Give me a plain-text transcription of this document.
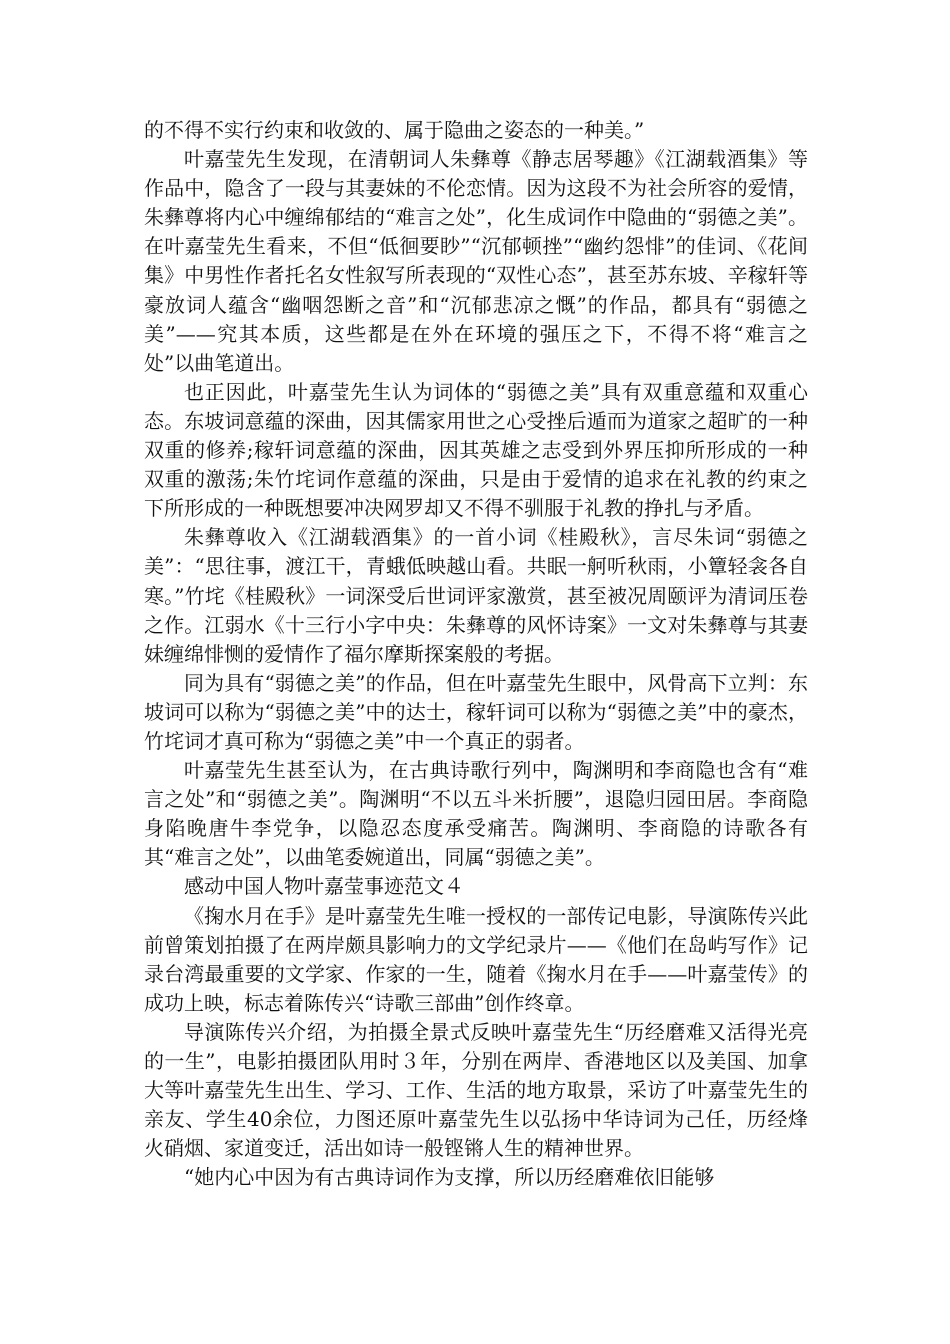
的不得不实行约束和收敛的、属于隐曲之姿态的一种美。”

叶嘉莹先生发现，在清朝词人朱彝尊《静志居琴趣》《江湖载酒集》等作品中，隐含了一段与其妻妹的不伦恋情。因为这段不为社会所容的爱情，朱彝尊将内心中缠绵郁结的“难言之处”，化生成词作中隐曲的“弱德之美”。在叶嘉莹先生看来，不但“低徊要眇”“沉郁顿挫”“幽约怨悱”的佳词、《花间集》中男性作者托名女性叙写所表现的“双性心态”，甚至苏东坡、辛稼轩等豪放词人蕴含“幽咽怨断之音”和“沉郁悲凉之慨”的作品，都具有“弱德之美”——究其本质，这些都是在外在环境的强压之下，不得不将“难言之处”以曲笔道出。

也正因此，叶嘉莹先生认为词体的“弱德之美”具有双重意蕴和双重心态。东坡词意蕴的深曲，因其儒家用世之心受挫后遁而为道家之超旷的一种双重的修养;稼轩词意蕴的深曲，因其英雄之志受到外界压抑所形成的一种双重的激荡;朱竹垞词作意蕴的深曲，只是由于爱情的追求在礼教的约束之下所形成的一种既想要冲决网罗却又不得不驯服于礼教的挣扎与矛盾。

朱彝尊收入《江湖载酒集》的一首小词《桂殿秋》，言尽朱词“弱德之美”：“思往事，渡江干，青蛾低映越山看。共眠一舸听秋雨，小簟轻衾各自寒。”竹垞《桂殿秋》一词深受后世词评家激赏，甚至被况周颐评为清词压卷之作。江弱水《十三行小字中央：朱彝尊的风怀诗案》一文对朱彝尊与其妻妹缠绵悱恻的爱情作了福尔摩斯探案般的考据。

同为具有“弱德之美”的作品，但在叶嘉莹先生眼中，风骨高下立判：东坡词可以称为“弱德之美”中的达士，稼轩词可以称为“弱德之美”中的豪杰，竹垞词才真可称为“弱德之美”中一个真正的弱者。

叶嘉莹先生甚至认为，在古典诗歌行列中，陶渊明和李商隐也含有“难言之处”和“弱德之美”。陶渊明“不以五斗米折腰”，退隐归园田居。李商隐身陷晚唐牛李党争，以隐忍态度承受痛苦。陶渊明、李商隐的诗歌各有其“难言之处”，以曲笔委婉道出，同属“弱德之美”。

感动中国人物叶嘉莹事迹范文４

《掬水月在手》是叶嘉莹先生唯一授权的一部传记电影，导演陈传兴此前曾策划拍摄了在两岸颇具影响力的文学纪录片——《他们在岛屿写作》记录台湾最重要的文学家、作家的一生，随着《掬水月在手——叶嘉莹传》的成功上映，标志着陈传兴“诗歌三部曲”创作终章。

导演陈传兴介绍，为拍摄全景式反映叶嘉莹先生“历经磨难又活得光亮的一生”，电影拍摄团队用时３年，分别在两岸、香港地区以及美国、加拿大等叶嘉莹先生出生、学习、工作、生活的地方取景，采访了叶嘉莹先生的亲友、学生40余位，力图还原叶嘉莹先生以弘扬中华诗词为己任，历经烽火硝烟、家道变迁，活出如诗一般铿锵人生的精神世界。

“她内心中因为有古典诗词作为支撑，所以历经磨难依旧能够
